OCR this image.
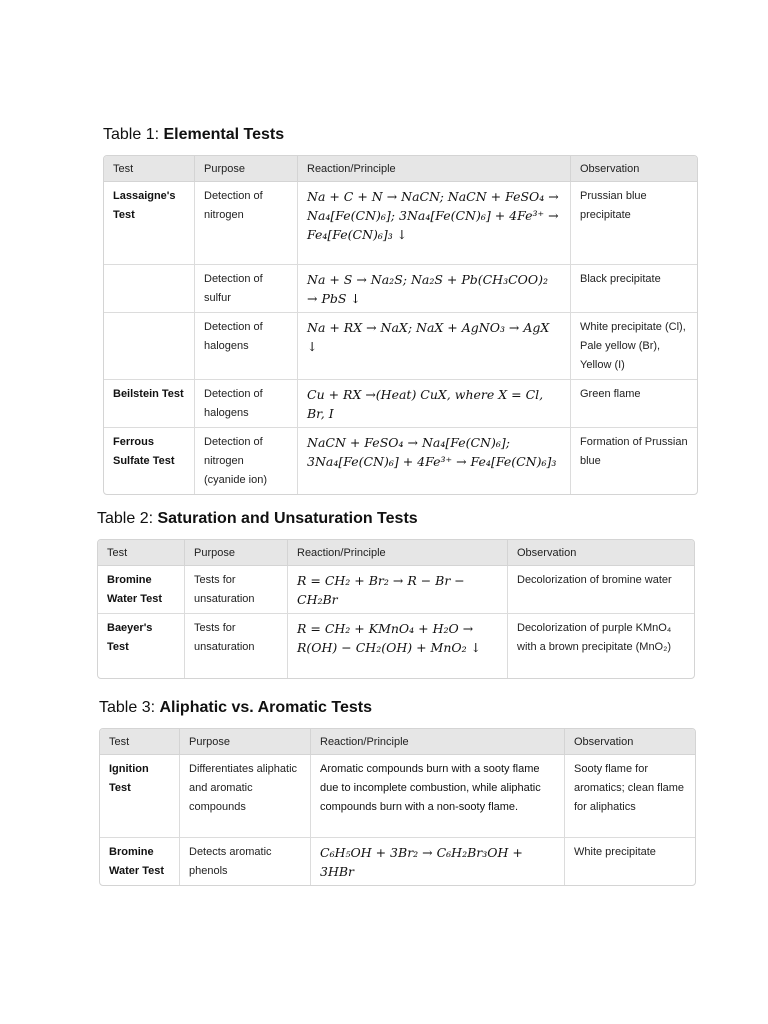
Table 1: Elemental Tests
Test	Purpose	Reaction/Principle	Observation
Lassaigne's Test	Detection of nitrogen	Na + C + N → NaCN; NaCN + FeSO₄ → Na₄[Fe(CN)₆]; 3Na₄[Fe(CN)₆] + 4Fe³⁺ → Fe₄[Fe(CN)₆]₃ ↓	Prussian blue precipitate
	Detection of sulfur	Na + S → Na₂S; Na₂S + Pb(CH₃COO)₂ → PbS ↓	Black precipitate
	Detection of halogens	Na + RX → NaX; NaX + AgNO₃ → AgX ↓	White precipitate (Cl), Pale yellow (Br), Yellow (I)
Beilstein Test	Detection of halogens	Cu + RX →(Heat) CuX, where X = Cl, Br, I	Green flame
Ferrous Sulfate Test	Detection of nitrogen (cyanide ion)	NaCN + FeSO₄ → Na₄[Fe(CN)₆]; 3Na₄[Fe(CN)₆] + 4Fe³⁺ → Fe₄[Fe(CN)₆]₃	Formation of Prussian blue
Table 2: Saturation and Unsaturation Tests
Test	Purpose	Reaction/Principle	Observation
Bromine Water Test	Tests for unsaturation	R = CH₂ + Br₂ → R − Br − CH₂Br	Decolorization of bromine water
Baeyer's Test	Tests for unsaturation	R = CH₂ + KMnO₄ + H₂O → R(OH) − CH₂(OH) + MnO₂ ↓	Decolorization of purple KMnO₄ with a brown precipitate (MnO₂)
Table 3: Aliphatic vs. Aromatic Tests
Test	Purpose	Reaction/Principle	Observation
Ignition Test	Differentiates aliphatic and aromatic compounds	Aromatic compounds burn with a sooty flame due to incomplete combustion, while aliphatic compounds burn with a non-sooty flame.	Sooty flame for aromatics; clean flame for aliphatics
Bromine Water Test	Detects aromatic phenols	C₆H₅OH + 3Br₂ → C₆H₂Br₃OH + 3HBr	White precipitate
